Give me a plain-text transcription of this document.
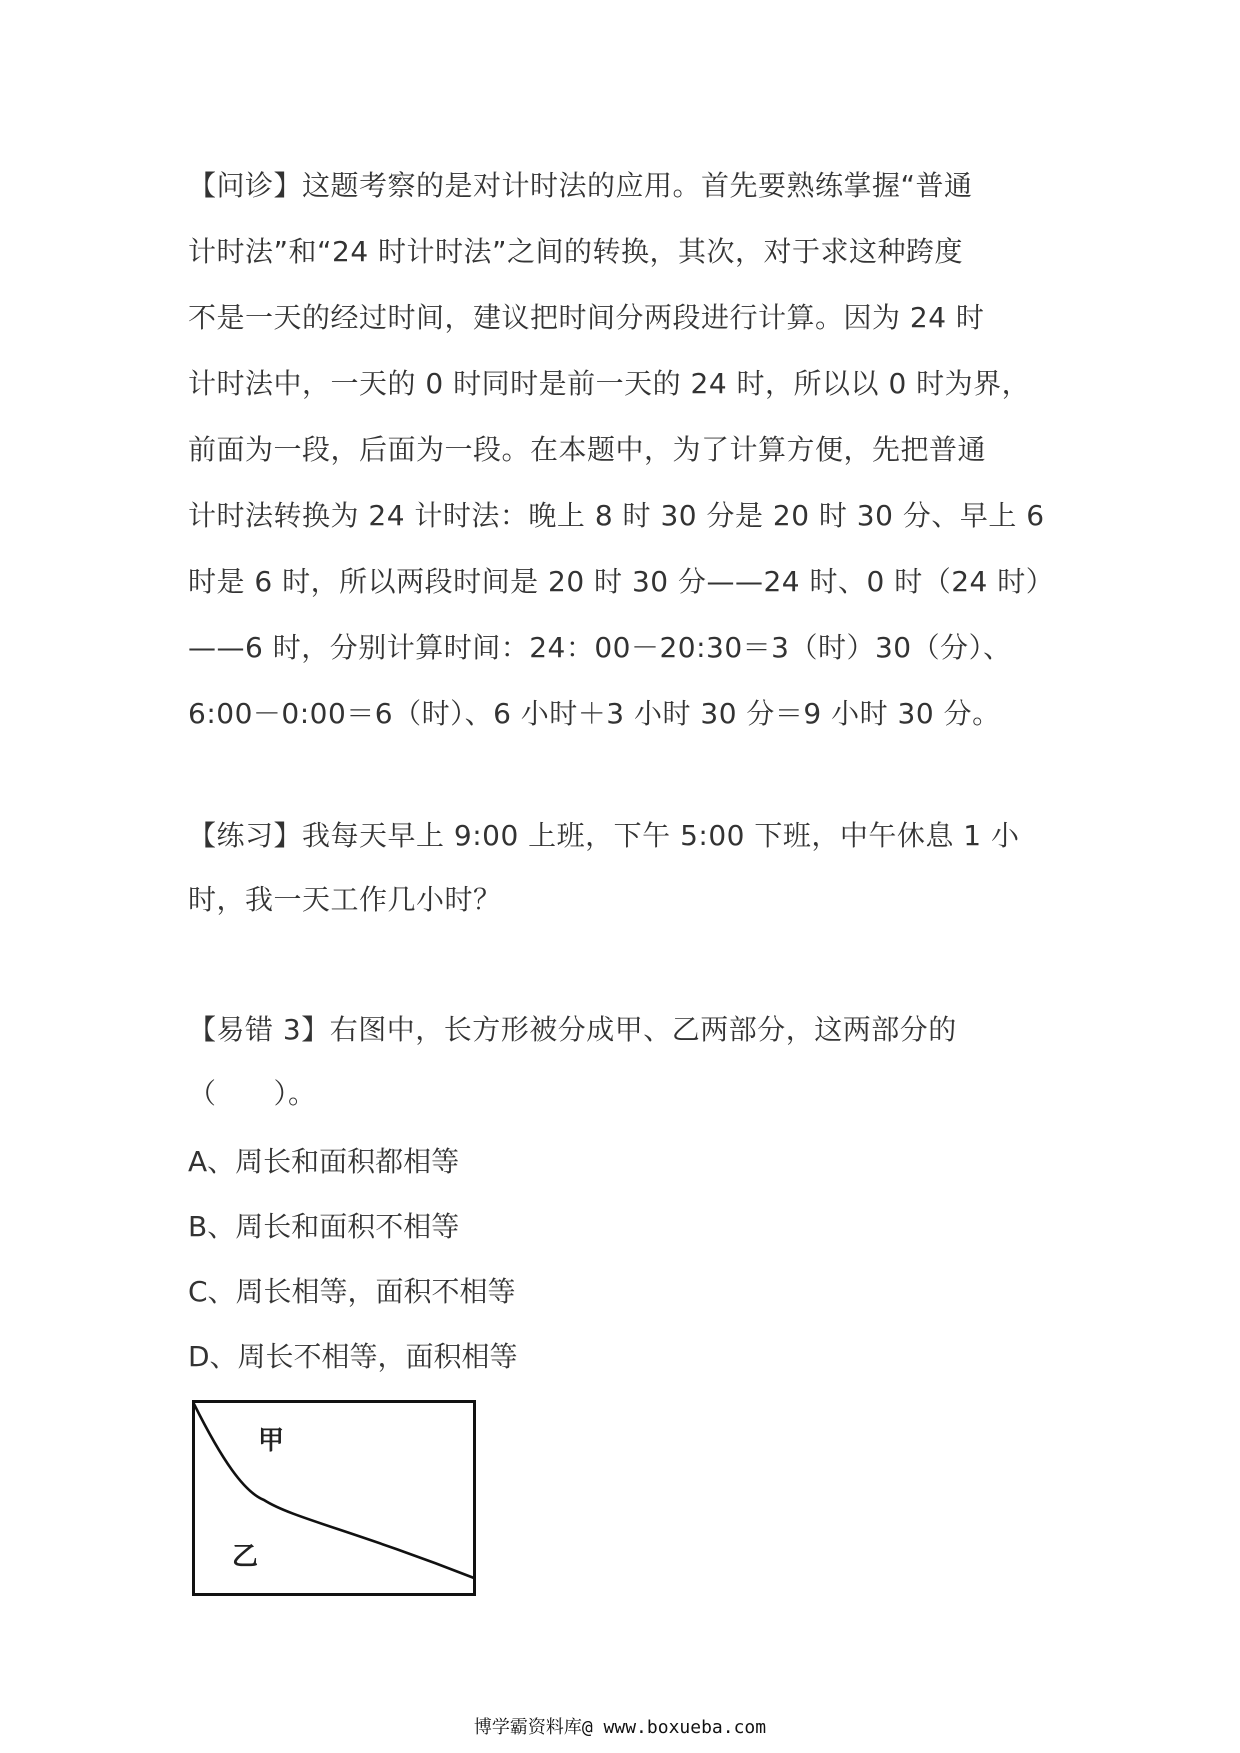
【问诊】这题考察的是对计时法的应用。首先要熟练掌握“普通
计时法”和“24 时计时法”之间的转换，其次，对于求这种跨度
不是一天的经过时间，建议把时间分两段进行计算。因为 24 时
计时法中，一天的 0 时同时是前一天的 24 时，所以以 0 时为界，
前面为一段，后面为一段。在本题中，为了计算方便，先把普通
计时法转换为 24 计时法：晚上 8 时 30 分是 20 时 30 分、早上 6
时是 6 时，所以两段时间是 20 时 30 分——24 时、0 时（24 时）
——6 时，分别计算时间：24：00－20:30＝3（时）30（分）、
6:00－0:00＝6（时）、6 小时＋3 小时 30 分＝9 小时 30 分。
【练习】我每天早上 9:00 上班，下午 5:00 下班，中午休息 1 小
时，我一天工作几小时？
【易错 3】右图中，长方形被分成甲、乙两部分，这两部分的
（　　）。
A、周长和面积都相等
B、周长和面积不相等
C、周长相等，面积不相等
D、周长不相等，面积相等
甲
乙
博学霸资料库@ www.boxueba.com
